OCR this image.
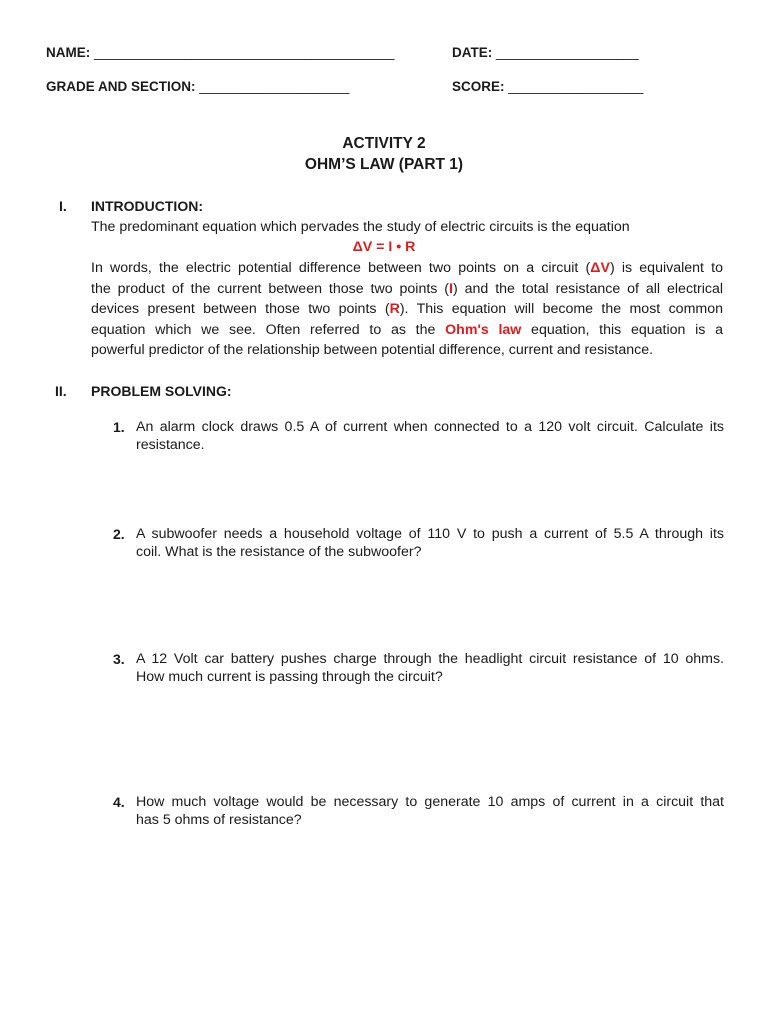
NAME: ________________________________________	DATE: ___________________
GRADE AND SECTION: ____________________	SCORE: __________________
ACTIVITY 2
OHM’S LAW (PART 1)
I. INTRODUCTION:
The predominant equation which pervades the study of electric circuits is the equation
ΔV = I • R
In words, the electric potential difference between two points on a circuit (ΔV) is equivalent to
the product of the current between those two points (I) and the total resistance of all electrical
devices present between those two points (R). This equation will become the most common
equation which we see. Often referred to as the Ohm's law equation, this equation is a
powerful predictor of the relationship between potential difference, current and resistance.
II. PROBLEM SOLVING:
1. An alarm clock draws 0.5 A of current when connected to a 120 volt circuit. Calculate its
resistance.
2. A subwoofer needs a household voltage of 110 V to push a current of 5.5 A through its
coil. What is the resistance of the subwoofer?
3. A 12 Volt car battery pushes charge through the headlight circuit resistance of 10 ohms.
How much current is passing through the circuit?
4. How much voltage would be necessary to generate 10 amps of current in a circuit that
has 5 ohms of resistance?
